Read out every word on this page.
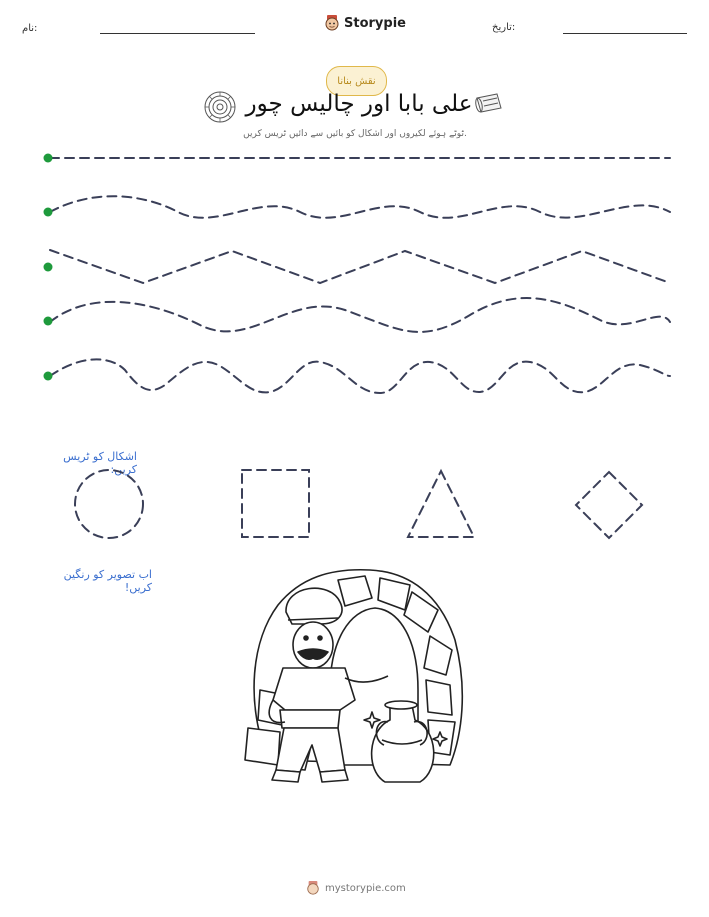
نام:	Storypie	تاریخ:
نقش بنانا
علی بابا اور چالیس چور
ٹوٹے ہوئے لکیروں اور اشکال کو بائیں سے دائیں ٹریس کریں.
اشکال کو ٹریس کریں:
اب تصویر کو رنگین کریں!
mystorypie.com
